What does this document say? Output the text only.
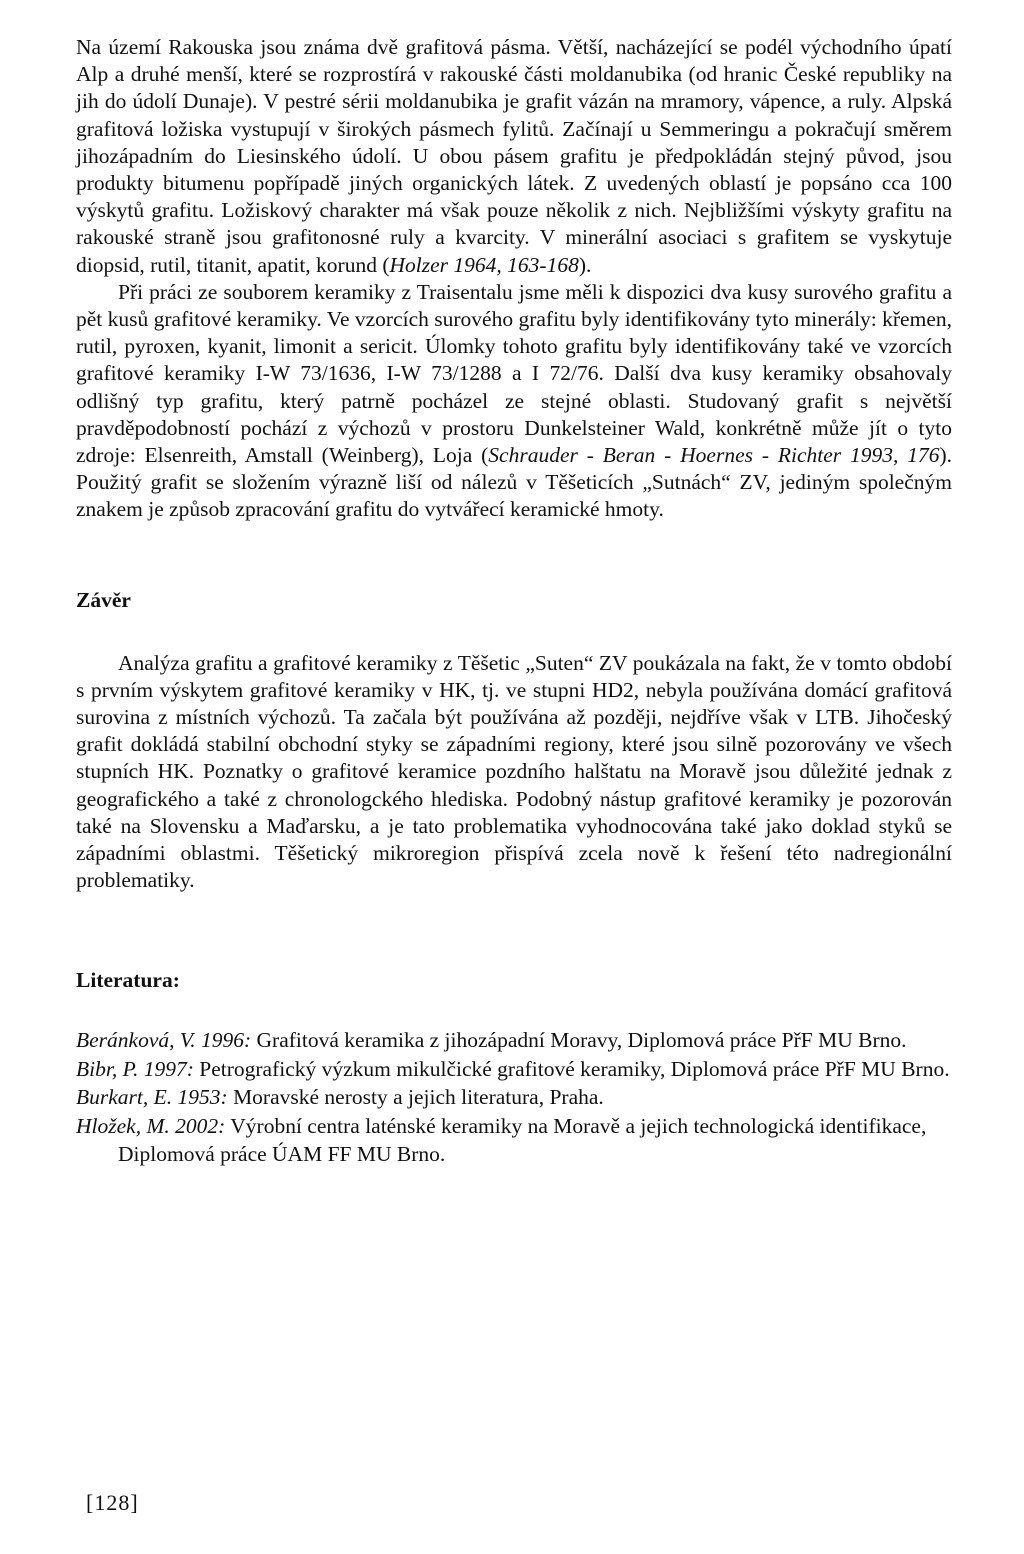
Na území Rakouska jsou známa dvě grafitová pásma. Větší, nacházející se podél východního úpatí Alp a druhé menší, které se rozprostírá v rakouské části moldanubika (od hranic České republiky na jih do údolí Dunaje). V pestré sérii moldanubika je grafit vázán na mramory, vápence, a ruly. Alpská grafitová ložiska vystupují v širokých pásmech fylitů. Začínají u Semmeringu a pokračují směrem jihozápadním do Liesinského údolí. U obou pásem grafitu je předpokládán stejný původ, jsou produkty bitumenu popřípadě jiných organických látek. Z uvedených oblastí je popsáno cca 100 výskytů grafitu. Ložiskový charakter má však pouze několik z nich. Nejbližšími výskyty grafitu na rakouské straně jsou grafitonosné ruly a kvarcity. V minerální asociaci s grafitem se vyskytuje diopsid, rutil, titanit, apatit, korund (Holzer 1964, 163-168).

Při práci ze souborem keramiky z Traisentalu jsme měli k dispozici dva kusy surového grafitu a pět kusů grafitové keramiky. Ve vzorcích surového grafitu byly identifikovány tyto minerály: křemen, rutil, pyroxen, kyanit, limonit a sericit. Úlomky tohoto grafitu byly identifikovány také ve vzorcích grafitové keramiky I-W 73/1636, I-W 73/1288 a I 72/76. Další dva kusy keramiky obsahovaly odlišný typ grafitu, který patrně pocházel ze stejné oblasti. Studovaný grafit s největší pravděpodobností pochází z výchozů v prostoru Dunkelsteiner Wald, konkrétně může jít o tyto zdroje: Elsenreith, Amstall (Weinberg), Loja (Schrauder - Beran - Hoernes - Richter 1993, 176). Použitý grafit se složením výrazně liší od nálezů v Těšeticích „Sutnách“ ZV, jediným společným znakem je způsob zpracování grafitu do vytvářecí keramické hmoty.

Závěr

Analýza grafitu a grafitové keramiky z Těšetic „Suten“ ZV poukázala na fakt, že v tomto období s prvním výskytem grafitové keramiky v HK, tj. ve stupni HD2, nebyla používána domácí grafitová surovina z místních výchozů. Ta začala být používána až později, nejdříve však v LTB. Jihočeský grafit dokládá stabilní obchodní styky se západními regiony, které jsou silně pozorovány ve všech stupních HK. Poznatky o grafitové keramice pozdního halštatu na Moravě jsou důležité jednak z geografického a také z chronologckého hlediska. Podobný nástup grafitové keramiky je pozorován také na Slovensku a Maďarsku, a je tato problematika vyhodnocována také jako doklad styků se západními oblastmi. Těšetický mikroregion přispívá zcela nově k řešení této nadregionální problematiky.

Literatura:
Beránková, V. 1996: Grafitová keramika z jihozápadní Moravy, Diplomová práce PřF MU Brno.
Bibr, P. 1997: Petrografický výzkum mikulčické grafitové keramiky, Diplomová práce PřF MU Brno.
Burkart, E. 1953: Moravské nerosty a jejich literatura, Praha.
Hložek, M. 2002: Výrobní centra laténské keramiky na Moravě a jejich technologická identifikace, Diplomová práce ÚAM FF MU Brno.
[128]
